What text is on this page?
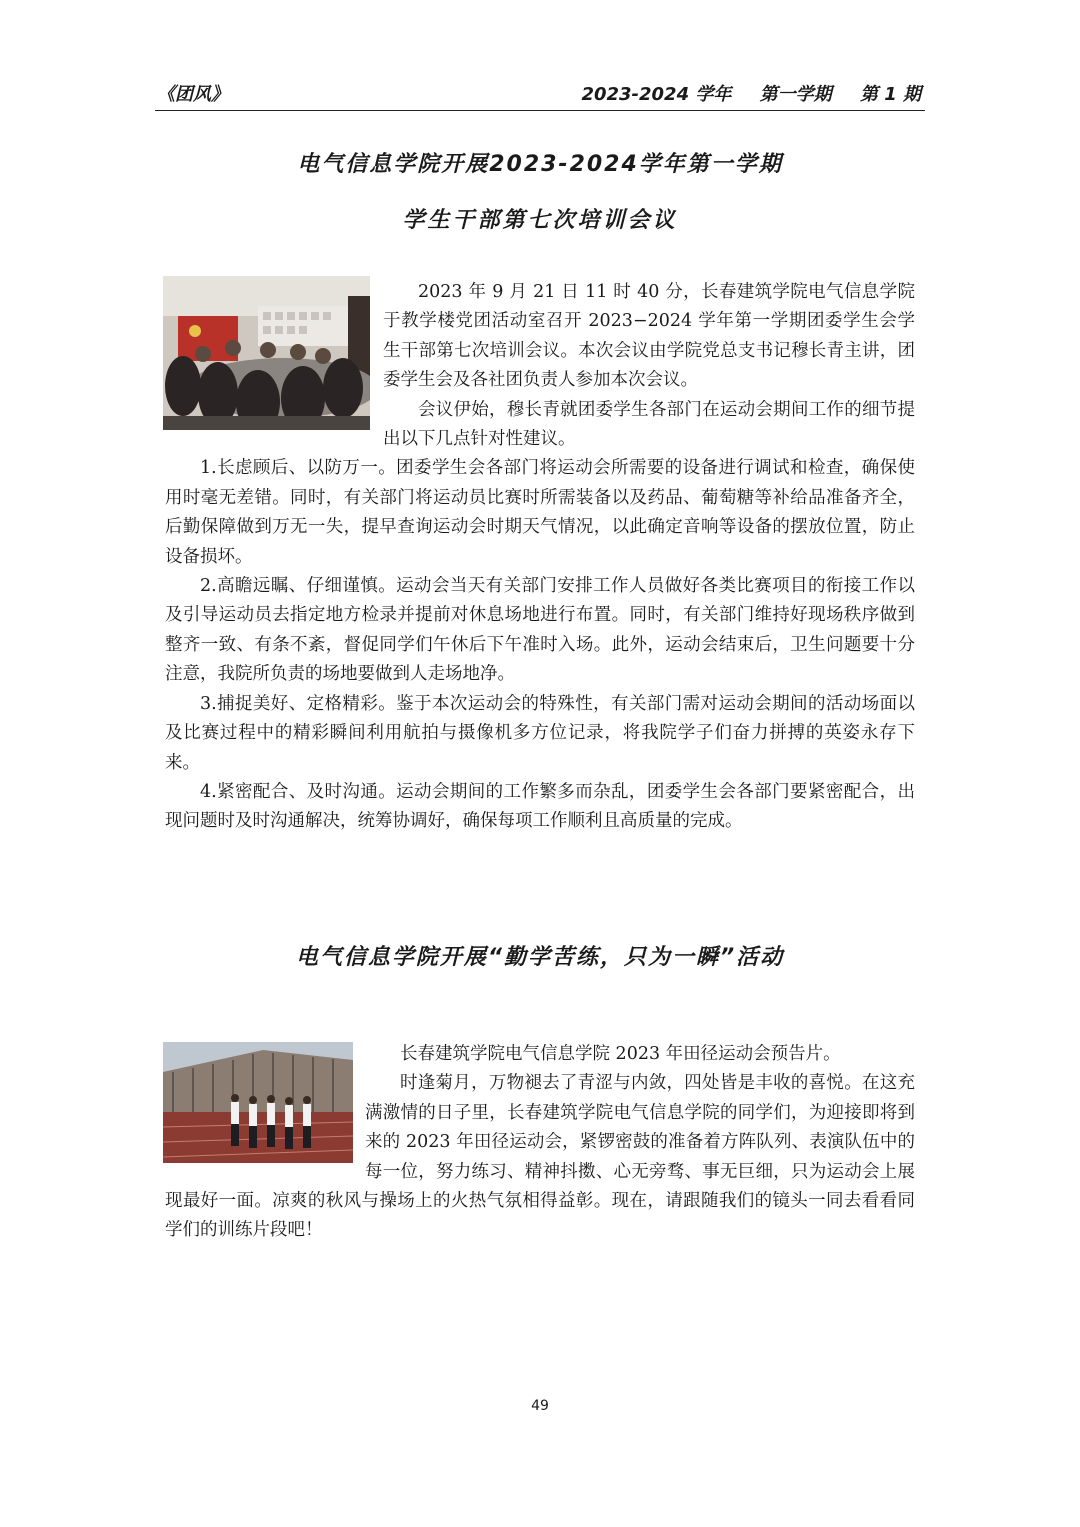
《团风》	2023-2024 学年 第一学期 第 1 期
电气信息学院开展2023-2024学年第一学期
学生干部第七次培训会议

2023 年 9 月 21 日 11 时 40 分，长春建筑学院电气信息学院于教学楼党团活动室召开 2023−2024 学年第一学期团委学生会学生干部第七次培训会议。本次会议由学院党总支书记穆长青主讲，团委学生会及各社团负责人参加本次会议。

会议伊始，穆长青就团委学生各部门在运动会期间工作的细节提出以下几点针对性建议。

1.长虑顾后、以防万一。团委学生会各部门将运动会所需要的设备进行调试和检查，确保使用时毫无差错。同时，有关部门将运动员比赛时所需装备以及药品、葡萄糖等补给品准备齐全，后勤保障做到万无一失，提早查询运动会时期天气情况，以此确定音响等设备的摆放位置，防止设备损坏。

2.高瞻远瞩、仔细谨慎。运动会当天有关部门安排工作人员做好各类比赛项目的衔接工作以及引导运动员去指定地方检录并提前对休息场地进行布置。同时，有关部门维持好现场秩序做到整齐一致、有条不紊，督促同学们午休后下午准时入场。此外，运动会结束后，卫生问题要十分注意，我院所负责的场地要做到人走场地净。

3.捕捉美好、定格精彩。鉴于本次运动会的特殊性，有关部门需对运动会期间的活动场面以及比赛过程中的精彩瞬间利用航拍与摄像机多方位记录，将我院学子们奋力拼搏的英姿永存下来。

4.紧密配合、及时沟通。运动会期间的工作繁多而杂乱，团委学生会各部门要紧密配合，出现问题时及时沟通解决，统筹协调好，确保每项工作顺利且高质量的完成。

电气信息学院开展“勤学苦练，只为一瞬”活动

长春建筑学院电气信息学院 2023 年田径运动会预告片。

时逢菊月，万物褪去了青涩与内敛，四处皆是丰收的喜悦。在这充满激情的日子里，长春建筑学院电气信息学院的同学们，为迎接即将到来的 2023 年田径运动会，紧锣密鼓的准备着方阵队列、表演队伍中的每一位，努力练习、精神抖擞、心无旁骛、事无巨细，只为运动会上展现最好一面。凉爽的秋风与操场上的火热气氛相得益彰。现在，请跟随我们的镜头一同去看看同学们的训练片段吧！

49
